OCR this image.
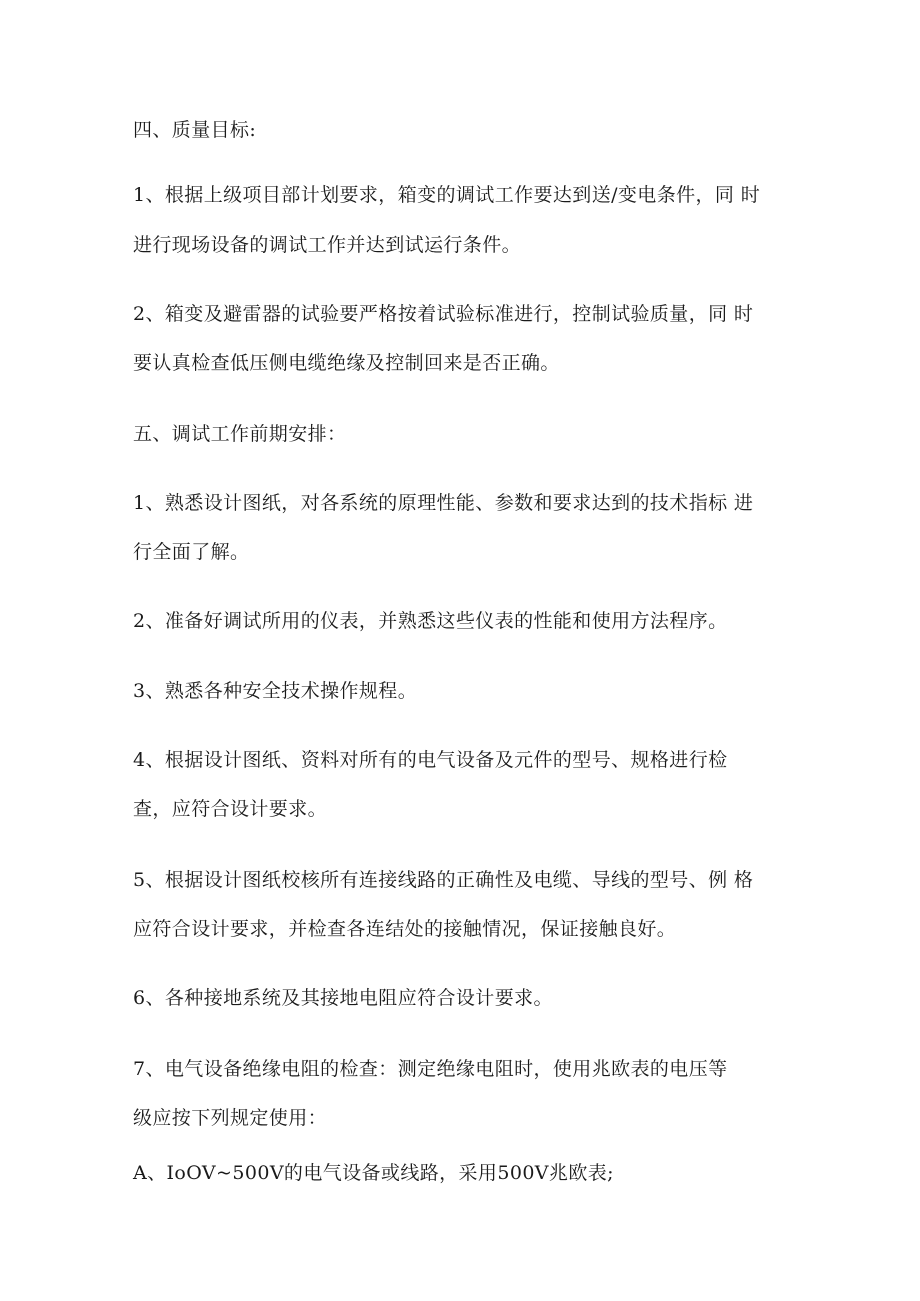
四、质量目标:
1、根据上级项目部计划要求，箱变的调试工作要达到送/变电条件，同 时
进行现场设备的调试工作并达到试运行条件。
2、箱变及避雷器的试验要严格按着试验标准进行，控制试验质量，同 时
要认真检查低压侧电缆绝缘及控制回来是否正确。
五、调试工作前期安排：
1、熟悉设计图纸，对各系统的原理性能、参数和要求达到的技术指标 进
行全面了解。
2、准备好调试所用的仪表，并熟悉这些仪表的性能和使用方法程序。
3、熟悉各种安全技术操作规程。
4、根据设计图纸、资料对所有的电气设备及元件的型号、规格进行检
查，应符合设计要求。
5、根据设计图纸校核所有连接线路的正确性及电缆、导线的型号、例 格
应符合设计要求，并检查各连结处的接触情况，保证接触良好。
6、各种接地系统及其接地电阻应符合设计要求。
7、电气设备绝缘电阻的检查：测定绝缘电阻时，使用兆欧表的电压等
级应按下列规定使用：
A、IoOV~500V的电气设备或线路，采用500V兆欧表;
